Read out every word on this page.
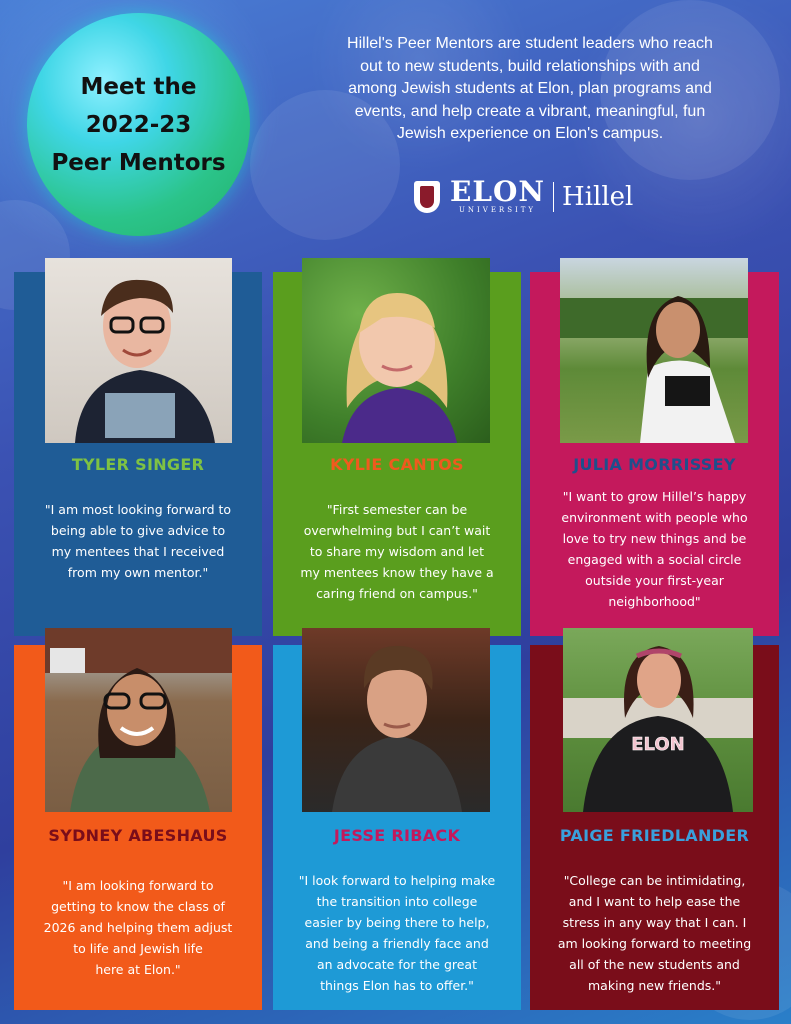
Meet the
2022-23
Peer Mentors
Hillel's Peer Mentors are student leaders who reach
out to new students, build relationships with and
among Jewish students at Elon, plan programs and
events, and help create a vibrant, meaningful, fun
Jewish experience on Elon's campus.
ELON
UNIVERSITY Hillel
TYLER SINGER
"I am most looking forward to
being able to give advice to
my mentees that I received
from my own mentor."
KYLIE CANTOS
"First semester can be
overwhelming but I can’t wait
to share my wisdom and let
my mentees know they have a
caring friend on campus."
JULIA MORRISSEY
"I want to grow Hillel’s happy
environment with people who
love to try new things and be
engaged with a social circle
outside your first-year
neighborhood"
SYDNEY ABESHAUS
"I am looking forward to
getting to know the class of
2026 and helping them adjust
to life and Jewish life
here at Elon."
JESSE RIBACK
"I look forward to helping make
the transition into college
easier by being there to help,
and being a friendly face and
an advocate for the great
things Elon has to offer."
ELON
PAIGE FRIEDLANDER
"College can be intimidating,
and I want to help ease the
stress in any way that I can. I
am looking forward to meeting
all of the new students and
making new friends."
